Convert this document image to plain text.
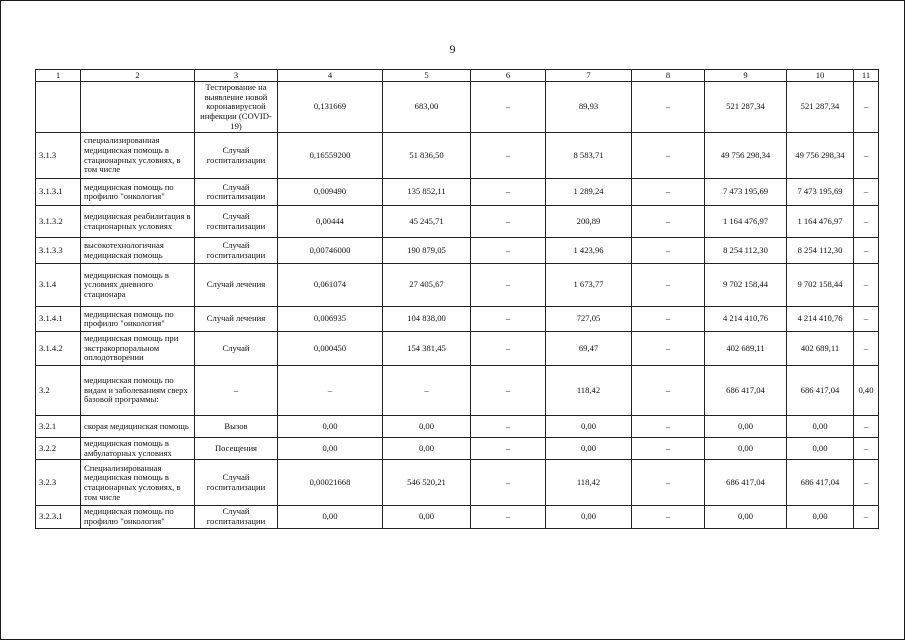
9
1	2	3	4	5	6	7	8	9	10	11
		Тестирование на выявление новой коронавирусной инфекции (COVID-19)	0,131669	683,00	–	89,93	–	521 287,34	521 287,34	–
3.1.3	специализированная медицинская помощь в стационарных условиях, в том числе	Случай госпитализации	0,16559200	51 836,50	–	8 583,71	–	49 756 298,34	49 756 298,34	–
3.1.3.1	медицинская помощь по профилю "онкология"	Случай госпитализации	0,009490	135 852,11	–	1 289,24	–	7 473 195,69	7 473 195,69	–
3.1.3.2	медицинская реабилитация в стационарных условиях	Случай госпитализации	0,00444	45 245,71	–	200,89	–	1 164 476,97	1 164 476,97	–
3.1.3.3	высокотехнологичная медицинская помощь	Случай госпитализации	0,00746000	190 879,05	–	1 423,96	–	8 254 112,30	8 254 112,30	–
3.1.4	медицинская помощь в условиях дневного стационара	Случай лечения	0,061074	27 405,67	–	1 673,77	–	9 702 158,44	9 702 158,44	–
3.1.4.1	медицинская помощь по профилю "онкология"	Случай лечения	0,006935	104 838,00	–	727,05	–	4 214 410,76	4 214 410,76	–
3.1.4.2	медицинская помощь при экстракорпоральном оплодотворении	Случай	0,000450	154 381,45	–	69,47	–	402 689,11	402 689,11	–
3.2	медицинская помощь по видам и заболеваниям сверх базовой программы:	–	–	–	–	118,42	–	686 417,04	686 417,04	0,40
3.2.1	скорая медицинская помощь	Вызов	0,00	0,00	–	0,00	–	0,00	0,00	–
3.2.2	медицинская помощь в амбулаторных условиях	Посещения	0,00	0,00	–	0,00	–	0,00	0,00	–
3.2.3	Специализированная медицинская помощь в стационарных условиях, в том числе	Случай госпитализации	0,00021668	546 520,21	–	118,42	–	686 417,04	686 417,04	–
3.2.3.1	медицинская помощь по профилю "онкология"	Случай госпитализации	0,00	0,00	–	0,00	–	0,00	0,00	–
